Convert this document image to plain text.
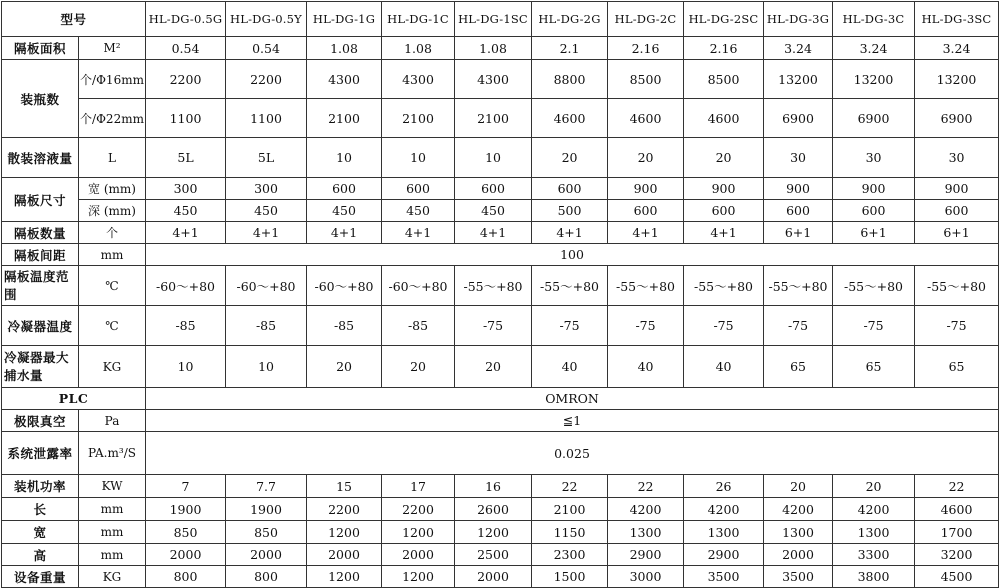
型号		HL-DG-0.5G	HL-DG-0.5Y	HL-DG-1G	HL-DG-1C	HL-DG-1SC	HL-DG-2G	HL-DG-2C	HL-DG-2SC	HL-DG-3G	HL-DG-3C	HL-DG-3SC
隔板面积	M²	0.54	0.54	1.08	1.08	1.08	2.1	2.16	2.16	3.24	3.24	3.24
装瓶数	个/Φ16mm	2200	2200	4300	4300	4300	8800	8500	8500	13200	13200	13200
	个/Φ22mm	1100	1100	2100	2100	2100	4600	4600	4600	6900	6900	6900
散装溶液量	L	5L	5L	10	10	10	20	20	20	30	30	30
隔板尺寸	宽 (mm)	300	300	600	600	600	600	900	900	900	900	900
	深 (mm)	450	450	450	450	450	500	600	600	600	600	600
隔板数量	个	4+1	4+1	4+1	4+1	4+1	4+1	4+1	4+1	6+1	6+1	6+1
隔板间距	mm	100										
隔板温度范围	℃	-60～+80	-60～+80	-60～+80	-60～+80	-55～+80	-55～+80	-55～+80	-55～+80	-55～+80	-55～+80	-55～+80
冷凝器温度	℃	-85	-85	-85	-85	-75	-75	-75	-75	-75	-75	-75
冷凝器最大捕水量	KG	10	10	20	20	20	40	40	40	65	65	65
PLC		OMRON										
极限真空	Pa	≦1										
系统泄露率	PA.m³/S	0.025										
装机功率	KW	7	7.7	15	17	16	22	22	26	20	20	22
长	mm	1900	1900	2200	2200	2600	2100	4200	4200	4200	4200	4600
宽	mm	850	850	1200	1200	1200	1150	1300	1300	1300	1300	1700
高	mm	2000	2000	2000	2000	2500	2300	2900	2900	2000	3300	3200
设备重量	KG	800	800	1200	1200	2000	1500	3000	3500	3500	3800	4500
